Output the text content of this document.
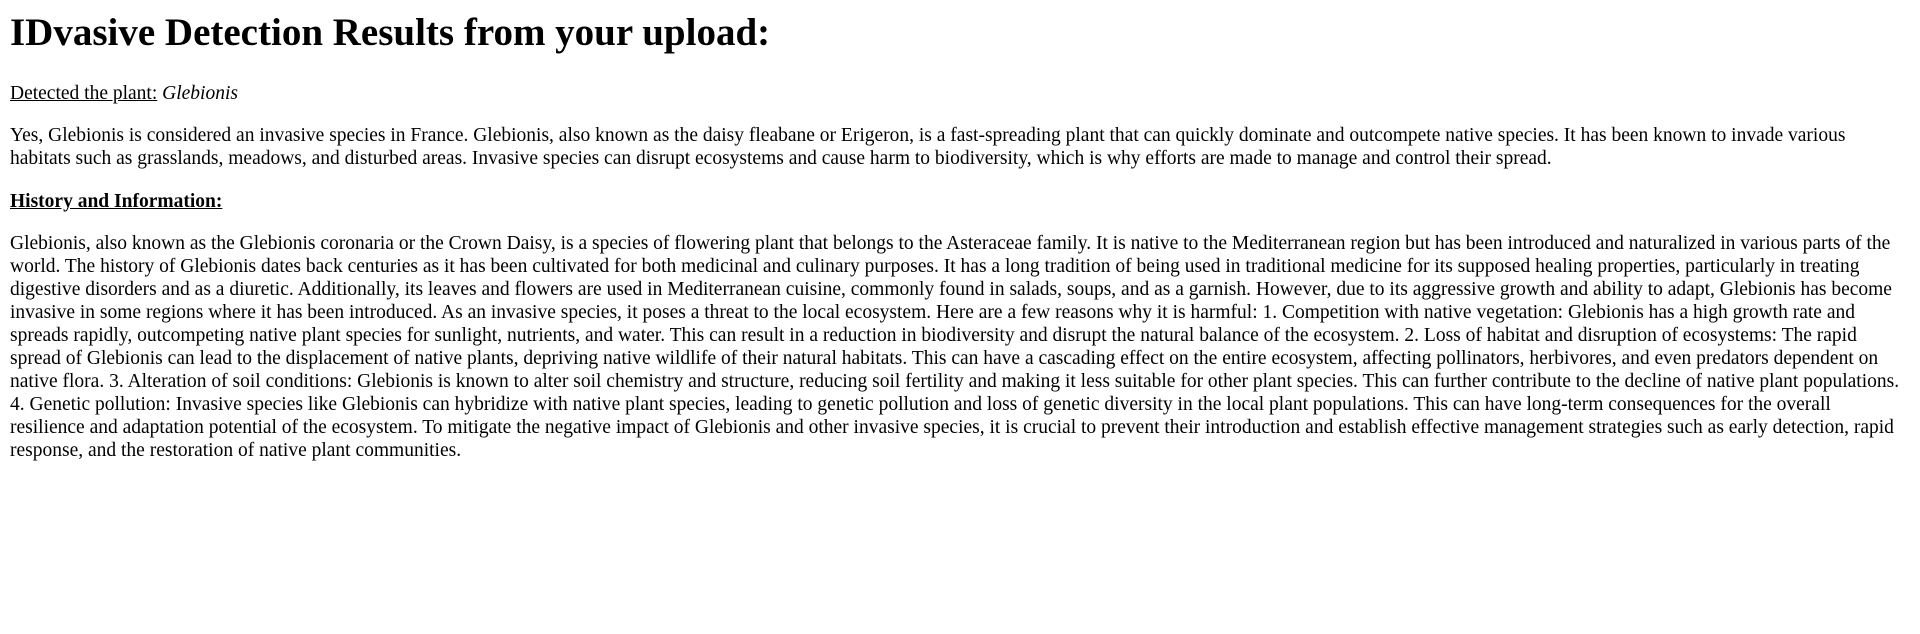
IDvasive Detection Results from your upload:

Detected the plant: Glebionis

Yes, Glebionis is considered an invasive species in France. Glebionis, also known as the daisy fleabane or Erigeron, is a fast-spreading plant that can quickly dominate and outcompete native species. It has been known to invade various habitats such as grasslands, meadows, and disturbed areas. Invasive species can disrupt ecosystems and cause harm to biodiversity, which is why efforts are made to manage and control their spread.

History and Information:

Glebionis, also known as the Glebionis coronaria or the Crown Daisy, is a species of flowering plant that belongs to the Asteraceae family. It is native to the Mediterranean region but has been introduced and naturalized in various parts of the world. The history of Glebionis dates back centuries as it has been cultivated for both medicinal and culinary purposes. It has a long tradition of being used in traditional medicine for its supposed healing properties, particularly in treating digestive disorders and as a diuretic. Additionally, its leaves and flowers are used in Mediterranean cuisine, commonly found in salads, soups, and as a garnish. However, due to its aggressive growth and ability to adapt, Glebionis has become invasive in some regions where it has been introduced. As an invasive species, it poses a threat to the local ecosystem. Here are a few reasons why it is harmful: 1. Competition with native vegetation: Glebionis has a high growth rate and spreads rapidly, outcompeting native plant species for sunlight, nutrients, and water. This can result in a reduction in biodiversity and disrupt the natural balance of the ecosystem. 2. Loss of habitat and disruption of ecosystems: The rapid spread of Glebionis can lead to the displacement of native plants, depriving native wildlife of their natural habitats. This can have a cascading effect on the entire ecosystem, affecting pollinators, herbivores, and even predators dependent on native flora. 3. Alteration of soil conditions: Glebionis is known to alter soil chemistry and structure, reducing soil fertility and making it less suitable for other plant species. This can further contribute to the decline of native plant populations. 4. Genetic pollution: Invasive species like Glebionis can hybridize with native plant species, leading to genetic pollution and loss of genetic diversity in the local plant populations. This can have long-term consequences for the overall resilience and adaptation potential of the ecosystem. To mitigate the negative impact of Glebionis and other invasive species, it is crucial to prevent their introduction and establish effective management strategies such as early detection, rapid response, and the restoration of native plant communities.
